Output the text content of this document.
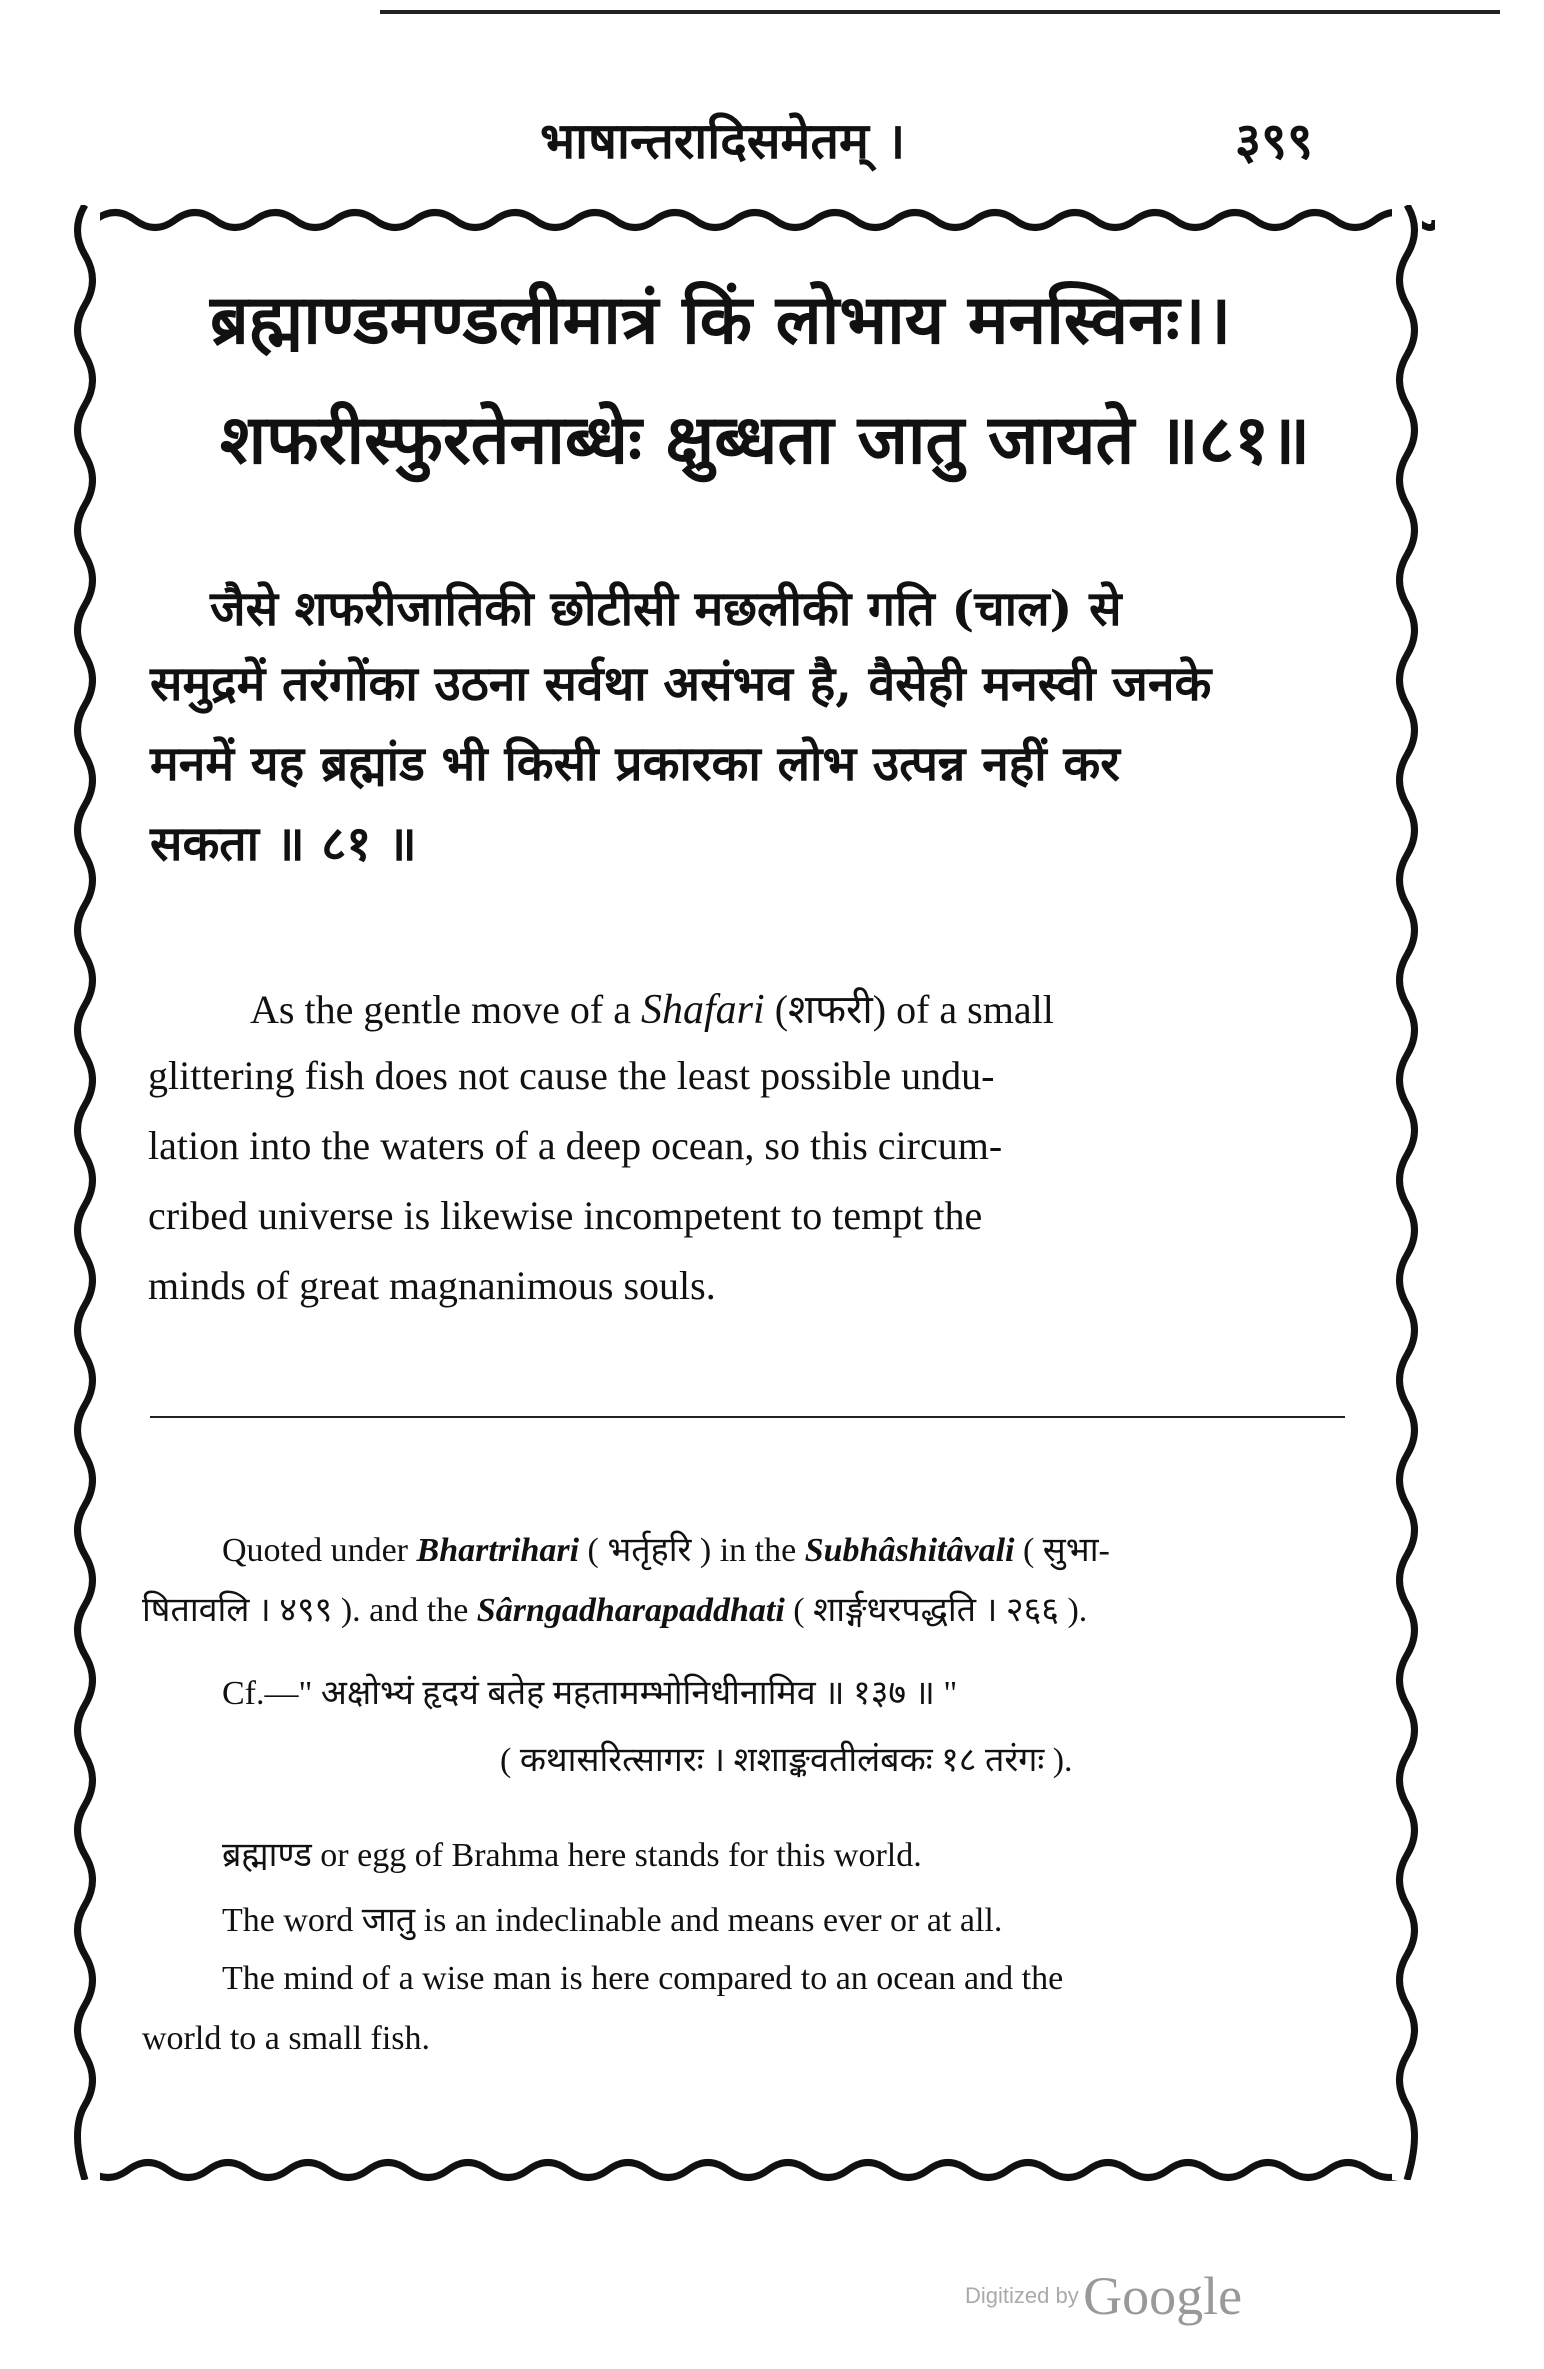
भाषान्तरादिसमेतम् ।	३९९
ब्रह्माण्डमण्डलीमात्रं किं लोभाय मनस्विनः।।
शफरीस्फुरतेनाब्धेः क्षुब्धता जातु जायते ॥८१॥
जैसे शफरीजातिकी छोटीसी मछलीकी गति (चाल) से
समुद्रमें तरंगोंका उठना सर्वथा असंभव है, वैसेही मनस्वी जनके
मनमें यह ब्रह्मांड भी किसी प्रकारका लोभ उत्पन्न नहीं कर
सकता ॥ ८१ ॥
As the gentle move of a Shafari (शफरी) of a small
glittering fish does not cause the least possible undu-
lation into the waters of a deep ocean, so this circum-
cribed universe is likewise incompetent to tempt the
minds of great magnanimous souls.
Quoted under Bhartrihari ( भर्तृहरि ) in the Subhâshitâvali ( सुभा-
षितावलि । ४९९ ). and the Sârngadharapaddhati ( शार्ङ्गधरपद्धति । २६६ ).
Cf.—" अक्षोभ्यं हृदयं बतेह महतामम्भोनिधीनामिव ॥ १३७ ॥ "
( कथासरित्सागरः । शशाङ्कवतीलंबकः १८ तरंगः ).
ब्रह्माण्ड or egg of Brahma here stands for this world.
The word जातु is an indeclinable and means ever or at all.
The mind of a wise man is here compared to an ocean and the
world to a small fish.
Digitized by Google
